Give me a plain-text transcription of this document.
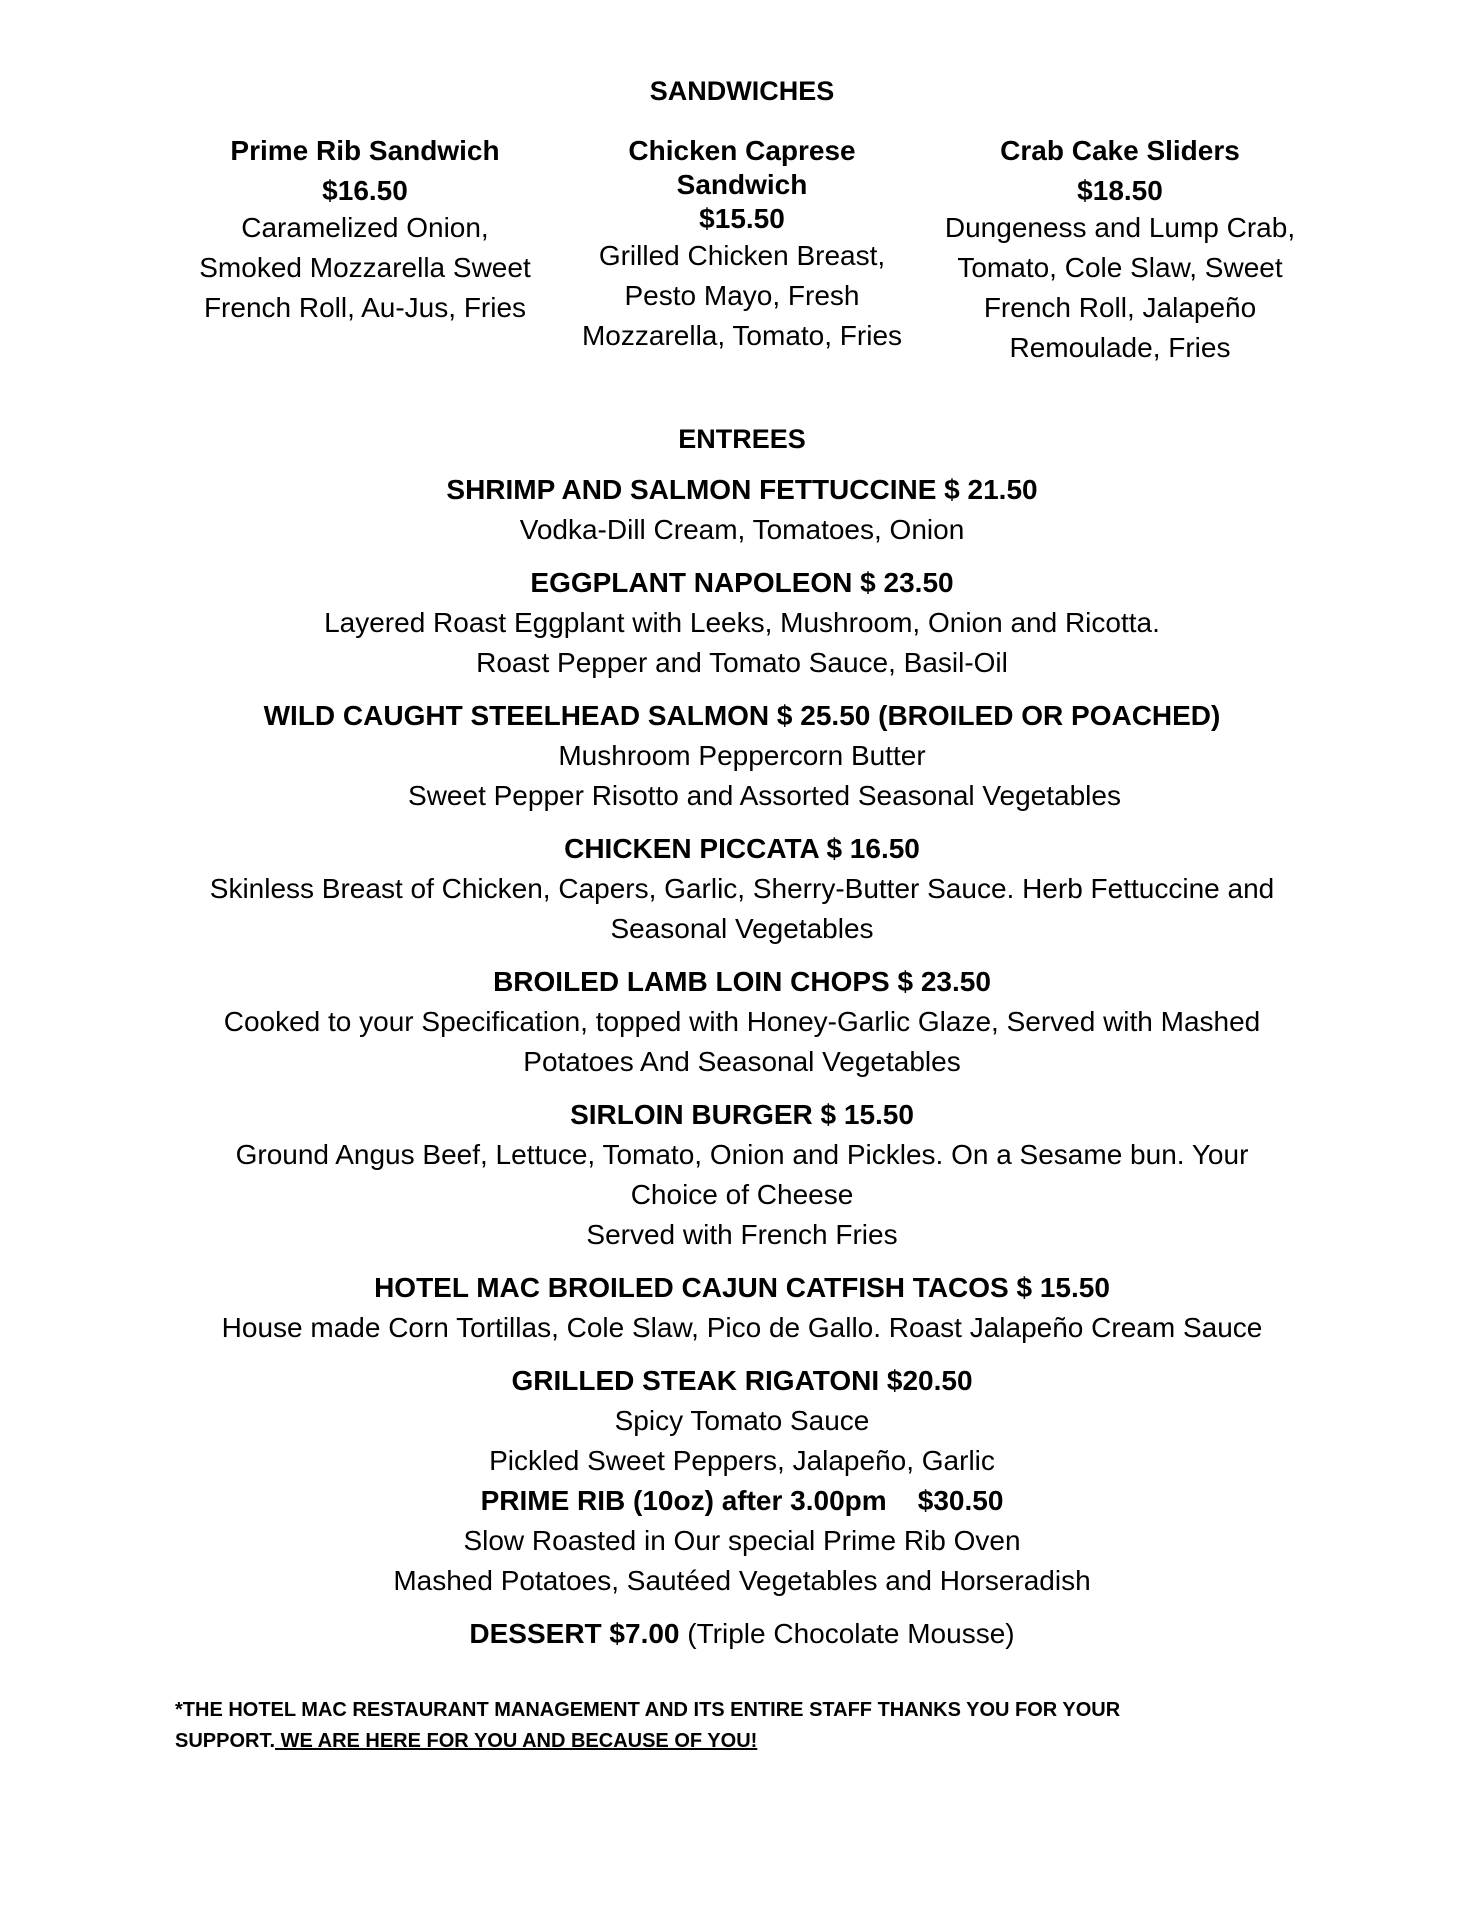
SANDWICHES
Prime Rib Sandwich
$16.50
Caramelized Onion,
Smoked Mozzarella Sweet
French Roll, Au-Jus, Fries
Chicken Caprese
Sandwich
$15.50
Grilled Chicken Breast,
Pesto Mayo, Fresh
Mozzarella, Tomato, Fries
Crab Cake Sliders
$18.50
Dungeness and Lump Crab,
Tomato, Cole Slaw, Sweet
French Roll, Jalapeño
Remoulade, Fries
ENTREES
SHRIMP AND SALMON FETTUCCINE $ 21.50
Vodka-Dill Cream, Tomatoes, Onion
EGGPLANT NAPOLEON $ 23.50
Layered Roast Eggplant with Leeks, Mushroom, Onion and Ricotta.
Roast Pepper and Tomato Sauce, Basil-Oil
WILD CAUGHT STEELHEAD SALMON $ 25.50 (BROILED OR POACHED)
Mushroom Peppercorn Butter
Sweet Pepper Risotto and Assorted Seasonal Vegetables
CHICKEN PICCATA $ 16.50
Skinless Breast of Chicken, Capers, Garlic, Sherry-Butter Sauce. Herb Fettuccine and
Seasonal Vegetables
BROILED LAMB LOIN CHOPS $ 23.50
Cooked to your Specification, topped with Honey-Garlic Glaze, Served with Mashed
Potatoes And Seasonal Vegetables
SIRLOIN BURGER $ 15.50
Ground Angus Beef, Lettuce, Tomato, Onion and Pickles. On a Sesame bun. Your
Choice of Cheese
Served with French Fries
HOTEL MAC BROILED CAJUN CATFISH TACOS $ 15.50
House made Corn Tortillas, Cole Slaw, Pico de Gallo. Roast Jalapeño Cream Sauce
GRILLED STEAK RIGATONI $20.50
Spicy Tomato Sauce
Pickled Sweet Peppers, Jalapeño, Garlic
PRIME RIB (10oz) after 3.00pm    $30.50
Slow Roasted in Our special Prime Rib Oven
Mashed Potatoes, Sautéed Vegetables and Horseradish
DESSERT $7.00 (Triple Chocolate Mousse)
*THE HOTEL MAC RESTAURANT MANAGEMENT AND ITS ENTIRE STAFF THANKS YOU FOR YOUR
SUPPORT. WE ARE HERE FOR YOU AND BECAUSE OF YOU!
